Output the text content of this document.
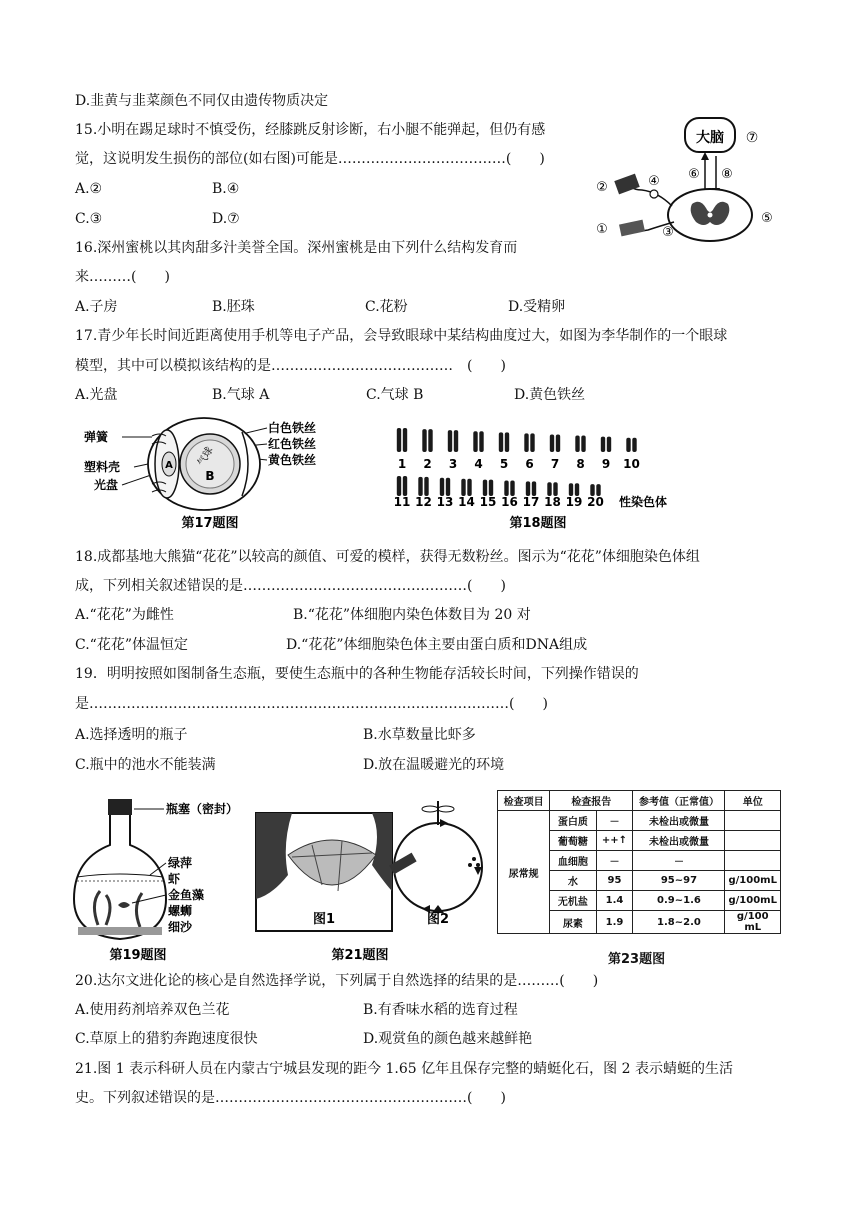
D.韭黄与韭菜颜色不同仅由遗传物质决定
15.小明在踢足球时不慎受伤，经膝跳反射诊断，右小腿不能弹起，但仍有感
觉，这说明发生损伤的部位(如右图)可能是………………………………(　　)
A.②	B.④
C.③	D.⑦
大脑 ⑦
⑥ ⑧
⑤
④
③
②
①
16.深州蜜桃以其肉甜多汁美誉全国。深州蜜桃是由下列什么结构发育而
来………(　　)
A.子房	B.胚珠	C.花粉	D.受精卵
17.青少年长时间近距离使用手机等电子产品，会导致眼球中某结构曲度过大，如图为李华制作的一个眼球
模型，其中可以模拟该结构的是…………………………………　(　　)
A.光盘	B.气球 A	C.气球 B	D.黄色铁丝
弹簧
塑料壳
光盘
白色铁丝
红色铁丝
黄色铁丝
A 气球
B
第17题图
1 2 3 4 5 6 7 8 9 10
11 12 13 14 15 16 17 18 19 20 性染色体
第18题图
18.成都基地大熊猫“花花”以较高的颜值、可爱的模样，获得无数粉丝。图示为“花花”体细胞染色体组
成，下列相关叙述错误的是…………………………………………(　　)
A.“花花”为雌性	B.“花花”体细胞内染色体数目为 20 对
C.“花花”体温恒定	D.“花花”体细胞染色体主要由蛋白质和DNA组成
19．明明按照如图制备生态瓶，要使生态瓶中的各种生物能存活较长时间，下列操作错误的
是………………………………………………………………………………(　　)
A.选择透明的瓶子	B.水草数量比虾多
C.瓶中的池水不能装满	D.放在温暖避光的环境
瓶塞（密封）
绿萍
虾
金鱼藻
螺蛳
细沙
第19题图
图1	图2
第21题图
检查项目	检查报告		参考值（正常值）	单位
尿常规	蛋白质	－	未检出或微量	
	葡萄糖	++↑	未检出或微量	
	血细胞	－	－	
	水	95	95~97	g/100mL
	无机盐	1.4	0.9~1.6	g/100mL
	尿素	1.9	1.8~2.0	g/100 mL
第23题图
20.达尔文进化论的核心是自然选择学说，下列属于自然选择的结果的是………(　　)
A.使用药剂培养双色兰花	B.有香味水稻的选育过程
C.草原上的猎豹奔跑速度很快	D.观赏鱼的颜色越来越鲜艳
21.图 1 表示科研人员在内蒙古宁城县发现的距今 1.65 亿年且保存完整的蜻蜓化石，图 2 表示蜻蜓的生活
史。下列叙述错误的是………………………………………………(　　)
